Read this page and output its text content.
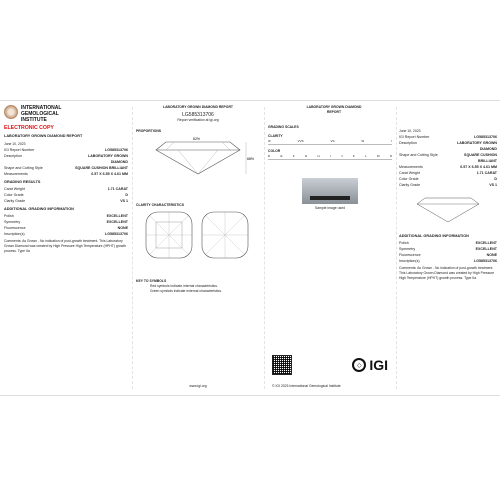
INTERNATIONAL
GEMOLOGICAL
INSTITUTE
ELECTRONIC COPY
LABORATORY GROWN DIAMOND REPORT
June 10, 2023
IGI Report Number	LG585313706
Description	LABORATORY GROWN DIAMOND
Shape and Cutting Style	SQUARE CUSHION BRILLIANT
Measurements	6.57 X 6.55 X 4.61 MM
GRADING RESULTS
Carat Weight	1.71 CARAT
Color Grade	D
Clarity Grade	VS 1
ADDITIONAL GRADING INFORMATION
Polish	EXCELLENT
Symmetry	EXCELLENT
Fluorescence	NONE
Inscription(s)	LG585313706
Comments: As Grown - No indication of post-growth treatment. This Laboratory Grown Diamond was created by High Pressure High Temperature (HPHT) growth process. Type IIa
LABORATORY GROWN DIAMOND REPORT
LG585313706
Report verification at igi.org
PROPORTIONS
62%
68%
CLARITY CHARACTERISTICS
KEY TO SYMBOLS
Red symbols indicate internal characteristics.
Green symbols indicate external characteristics.
www.igi.org
LABORATORY GROWN DIAMOND REPORT
GRADING SCALES
CLARITY
IF	VVS	VS	SI	I
COLOR
D	E	F	G	H	I	J	K	L	M	N
Sample image used
◇ IGI
© IGI 2023 International Gemological Institute
June 10, 2023
IGI Report Number	LG585313706
Description	LABORATORY GROWN DIAMOND
Shape and Cutting Style	SQUARE CUSHION BRILLIANT
Measurements	6.57 X 6.55 X 4.61 MM
Carat Weight	1.71 CARAT
Color Grade	D
Clarity Grade	VS 1
ADDITIONAL GRADING INFORMATION
Polish	EXCELLENT
Symmetry	EXCELLENT
Fluorescence	NONE
Inscription(s)	LG585313706
Comments: As Grown - No indication of post-growth treatment. This Laboratory Grown Diamond was created by High Pressure High Temperature (HPHT) growth process. Type IIa
